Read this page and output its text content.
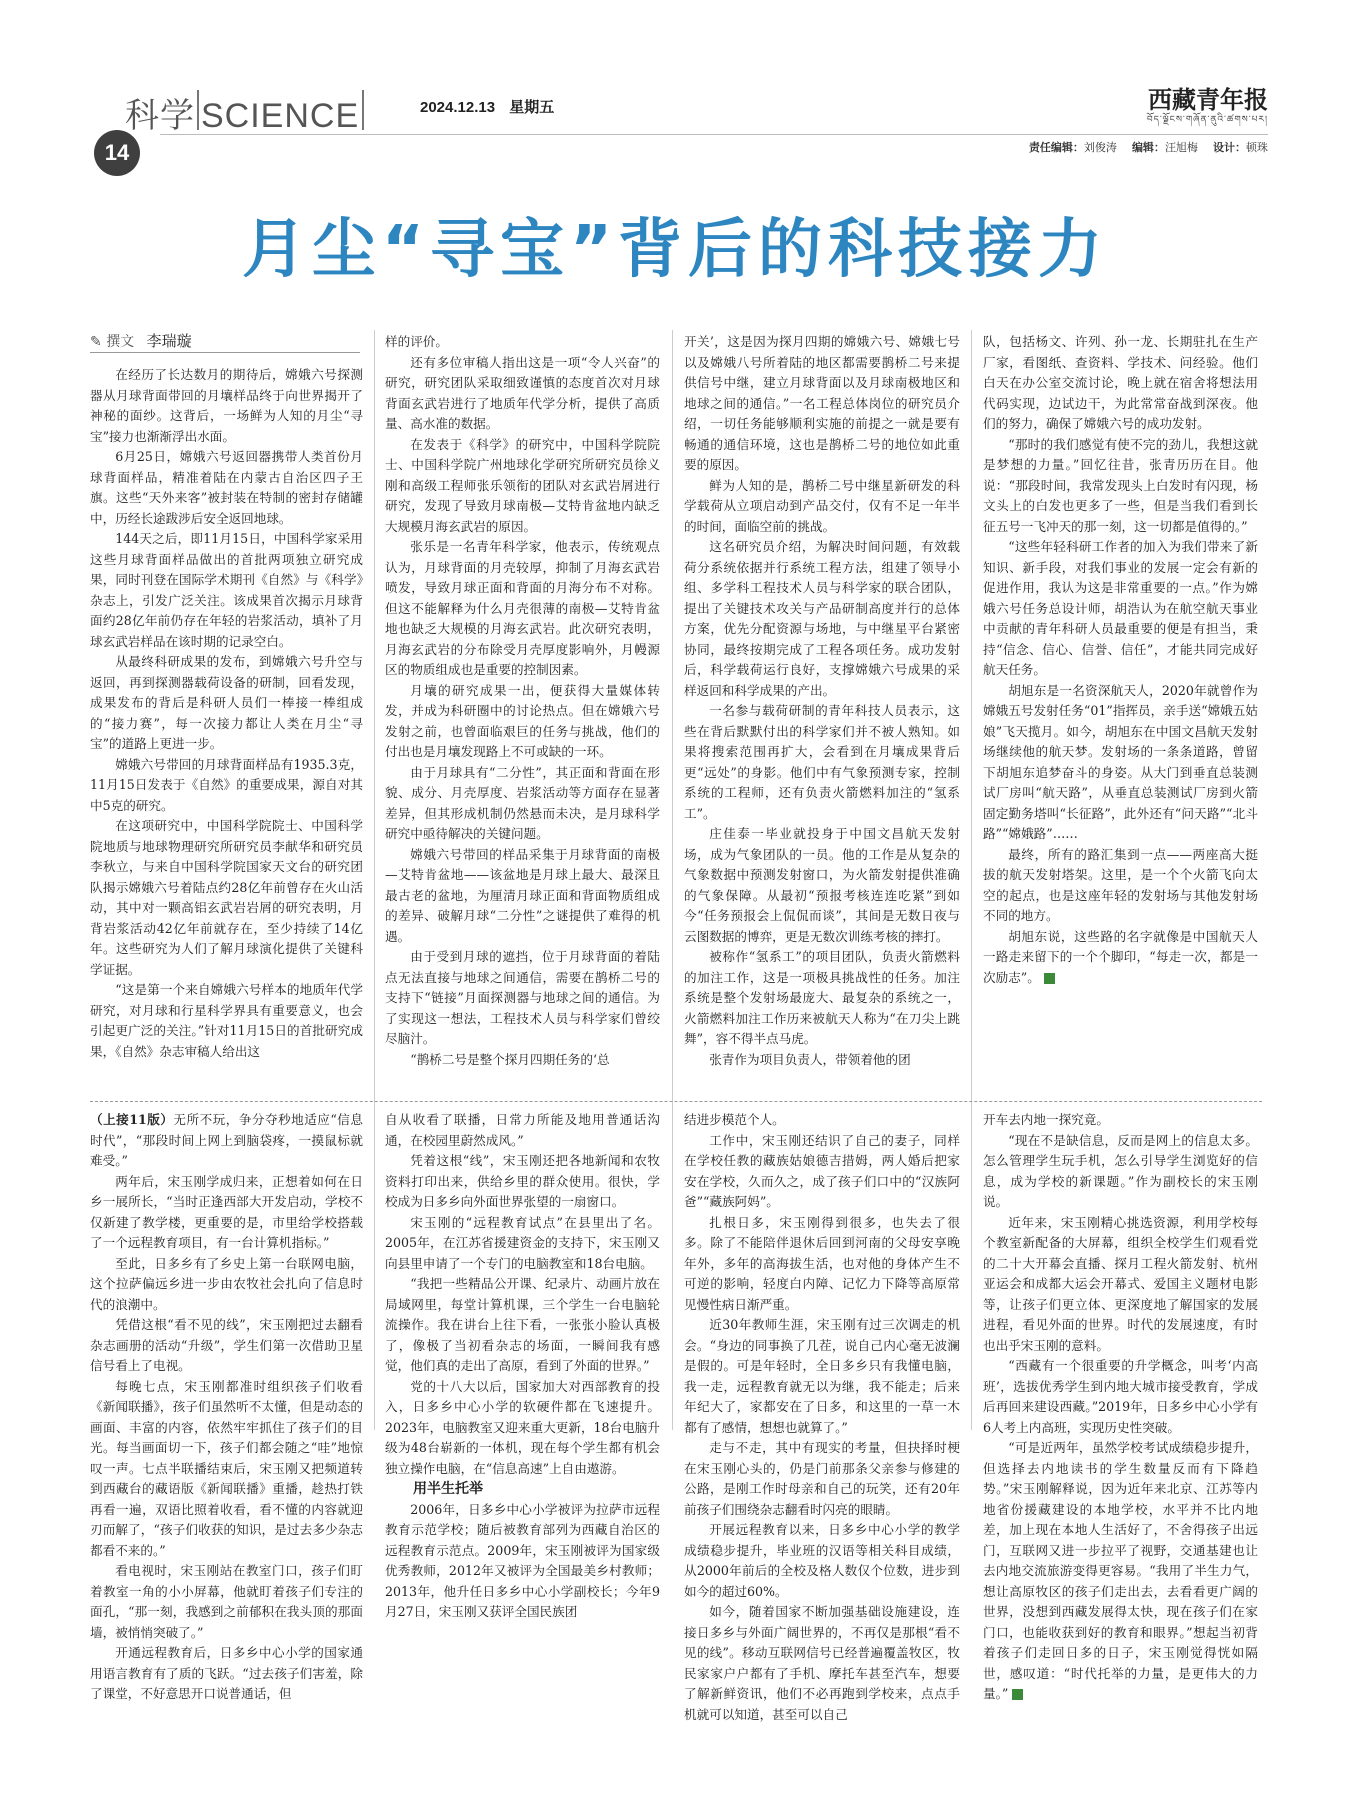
科学 SCIENCE
14
2024.12.13 星期五	西藏青年报
བོད་ལྗོངས་གཞོན་ནུའི་ཚགས་པར།
责任编辑：刘俊涛 编辑：汪旭梅 设计：顿珠
月尘“寻宝”背后的科技接力
✎ 撰文 李瑞璇

在经历了长达数月的期待后，嫦娥六号探测器从月球背面带回的月壤样品终于向世界揭开了神秘的面纱。这背后，一场鲜为人知的月尘“寻宝”接力也渐渐浮出水面。

6月25日，嫦娥六号返回器携带人类首份月球背面样品，精准着陆在内蒙古自治区四子王旗。这些“天外来客”被封装在特制的密封存储罐中，历经长途跋涉后安全返回地球。

144天之后，即11月15日，中国科学家采用这些月球背面样品做出的首批两项独立研究成果，同时刊登在国际学术期刊《自然》与《科学》杂志上，引发广泛关注。该成果首次揭示月球背面约28亿年前仍存在年轻的岩浆活动，填补了月球玄武岩样品在该时期的记录空白。

从最终科研成果的发布，到嫦娥六号升空与返回，再到探测器载荷设备的研制，回看发现，成果发布的背后是科研人员们一棒接一棒组成的“接力赛”，每一次接力都让人类在月尘“寻宝”的道路上更进一步。

嫦娥六号带回的月球背面样品有1935.3克，11月15日发表于《自然》的重要成果，源自对其中5克的研究。

在这项研究中，中国科学院院士、中国科学院地质与地球物理研究所研究员李献华和研究员李秋立，与来自中国科学院国家天文台的研究团队揭示嫦娥六号着陆点约28亿年前曾存在火山活动，其中对一颗高铝玄武岩岩屑的研究表明，月背岩浆活动42亿年前就存在，至少持续了14亿年。这些研究为人们了解月球演化提供了关键科学证据。

“这是第一个来自嫦娥六号样本的地质年代学研究，对月球和行星科学界具有重要意义，也会引起更广泛的关注。”针对11月15日的首批研究成果，《自然》杂志审稿人给出这

样的评价。

还有多位审稿人指出这是一项“令人兴奋”的研究，研究团队采取细致谨慎的态度首次对月球背面玄武岩进行了地质年代学分析，提供了高质量、高水准的数据。

在发表于《科学》的研究中，中国科学院院士、中国科学院广州地球化学研究所研究员徐义刚和高级工程师张乐领衔的团队对玄武岩屑进行研究，发现了导致月球南极—艾特肯盆地内缺乏大规模月海玄武岩的原因。

张乐是一名青年科学家，他表示，传统观点认为，月球背面的月壳较厚，抑制了月海玄武岩喷发，导致月球正面和背面的月海分布不对称。但这不能解释为什么月壳很薄的南极—艾特肯盆地也缺乏大规模的月海玄武岩。此次研究表明，月海玄武岩的分布除受月壳厚度影响外，月幔源区的物质组成也是重要的控制因素。

月壤的研究成果一出，便获得大量媒体转发，并成为科研圈中的讨论热点。但在嫦娥六号发射之前，也曾面临艰巨的任务与挑战，他们的付出也是月壤发现路上不可或缺的一环。

由于月球具有“二分性”，其正面和背面在形貌、成分、月壳厚度、岩浆活动等方面存在显著差异，但其形成机制仍然悬而未决，是月球科学研究中亟待解决的关键问题。

嫦娥六号带回的样品采集于月球背面的南极—艾特肯盆地——该盆地是月球上最大、最深且最古老的盆地，为厘清月球正面和背面物质组成的差异、破解月球“二分性”之谜提供了难得的机遇。

由于受到月球的遮挡，位于月球背面的着陆点无法直接与地球之间通信，需要在鹊桥二号的支持下“链接”月面探测器与地球之间的通信。为了实现这一想法，工程技术人员与科学家们曾绞尽脑汁。

“鹊桥二号是整个探月四期任务的‘总

开关’，这是因为探月四期的嫦娥六号、嫦娥七号以及嫦娥八号所着陆的地区都需要鹊桥二号来提供信号中继，建立月球背面以及月球南极地区和地球之间的通信。”一名工程总体岗位的研究员介绍，一切任务能够顺利实施的前提之一就是要有畅通的通信环境，这也是鹊桥二号的地位如此重要的原因。

鲜为人知的是，鹊桥二号中继星新研发的科学载荷从立项启动到产品交付，仅有不足一年半的时间，面临空前的挑战。

这名研究员介绍，为解决时间问题，有效载荷分系统依据并行系统工程方法，组建了领导小组、多学科工程技术人员与科学家的联合团队，提出了关键技术攻关与产品研制高度并行的总体方案，优先分配资源与场地，与中继星平台紧密协同，最终按期完成了工程各项任务。成功发射后，科学载荷运行良好，支撑嫦娥六号成果的采样返回和科学成果的产出。

一名参与载荷研制的青年科技人员表示，这些在背后默默付出的科学家们并不被人熟知。如果将搜索范围再扩大，会看到在月壤成果背后更“远处”的身影。他们中有气象预测专家，控制系统的工程师，还有负责火箭燃料加注的“氢系工”。

庄佳泰一毕业就投身于中国文昌航天发射场，成为气象团队的一员。他的工作是从复杂的气象数据中预测发射窗口，为火箭发射提供准确的气象保障。从最初“预报考核连连吃紧”到如今“任务预报会上侃侃而谈”，其间是无数日夜与云图数据的博弈，更是无数次训练考核的摔打。

被称作“氢系工”的项目团队，负责火箭燃料的加注工作，这是一项极具挑战性的任务。加注系统是整个发射场最庞大、最复杂的系统之一，火箭燃料加注工作历来被航天人称为“在刀尖上跳舞”，容不得半点马虎。

张青作为项目负责人，带领着他的团

队，包括杨文、许列、孙一龙、长期驻扎在生产厂家，看图纸、查资料、学技术、问经验。他们白天在办公室交流讨论，晚上就在宿舍将想法用代码实现，边试边干，为此常常奋战到深夜。他们的努力，确保了嫦娥六号的成功发射。

“那时的我们感觉有使不完的劲儿，我想这就是梦想的力量。”回忆往昔，张青历历在目。他说：“那段时间，我常发现头上白发时有闪现，杨文头上的白发也更多了一些，但是当我们看到长征五号一飞冲天的那一刻，这一切都是值得的。”

“这些年轻科研工作者的加入为我们带来了新知识、新手段，对我们事业的发展一定会有新的促进作用，我认为这是非常重要的一点。”作为嫦娥六号任务总设计师，胡浩认为在航空航天事业中贡献的青年科研人员最重要的便是有担当，秉持“信念、信心、信誉、信任”，才能共同完成好航天任务。

胡旭东是一名资深航天人，2020年就曾作为嫦娥五号发射任务“01”指挥员，亲手送“嫦娥五姑娘”飞天揽月。如今，胡旭东在中国文昌航天发射场继续他的航天梦。发射场的一条条道路，曾留下胡旭东追梦奋斗的身姿。从大门到垂直总装测试厂房叫“航天路”，从垂直总装测试厂房到火箭固定勤务塔叫“长征路”，此外还有“问天路”“北斗路”“嫦娥路”……

最终，所有的路汇集到一点——两座高大挺拔的航天发射塔架。这里，是一个个火箭飞向太空的起点，也是这座年轻的发射场与其他发射场不同的地方。

胡旭东说，这些路的名字就像是中国航天人一路走来留下的一个个脚印，“每走一次，都是一次励志”。

（上接11版）无所不玩，争分夺秒地适应“信息时代”，“那段时间上网上到脑袋疼，一摸鼠标就难受。”

两年后，宋玉刚学成归来，正想着如何在日乡一展所长，“当时正逢西部大开发启动，学校不仅新建了教学楼，更重要的是，市里给学校搭载了一个远程教育项目，有一台计算机指标。”

至此，日多乡有了乡史上第一台联网电脑，这个拉萨偏远乡进一步由农牧社会扎向了信息时代的浪潮中。

凭借这根“看不见的线”，宋玉刚把过去翻看杂志画册的活动“升级”，学生们第一次借助卫星信号看上了电视。

每晚七点，宋玉刚都准时组织孩子们收看《新闻联播》，孩子们虽然听不太懂，但是动态的画面、丰富的内容，依然牢牢抓住了孩子们的目光。每当画面切一下，孩子们都会随之“哇”地惊叹一声。七点半联播结束后，宋玉刚又把频道转到西藏台的藏语版《新闻联播》重播，趁热打铁再看一遍，双语比照着收看，看不懂的内容就迎刃而解了，“孩子们收获的知识，是过去多少杂志都看不来的。”

看电视时，宋玉刚站在教室门口，孩子们盯着教室一角的小小屏幕，他就盯着孩子们专注的面孔，“那一刻，我感到之前郁积在我头顶的那面墙，被悄悄突破了。”

开通远程教育后，日多乡中心小学的国家通用语言教育有了质的飞跃。“过去孩子们害羞，除了课堂，不好意思开口说普通话，但

自从收看了联播，日常力所能及地用普通话沟通，在校园里蔚然成风。”

凭着这根“线”，宋玉刚还把各地新闻和农牧资料打印出来，供给乡里的群众使用。很快，学校成为日多乡向外面世界张望的一扇窗口。

宋玉刚的“远程教育试点”在县里出了名。2005年，在江苏省援建资金的支持下，宋玉刚又向县里申请了一个专门的电脑教室和18台电脑。

“我把一些精品公开课、纪录片、动画片放在局域网里，每堂计算机课，三个学生一台电脑轮流操作。我在讲台上往下看，一张张小脸认真极了，像极了当初看杂志的场面，一瞬间我有感觉，他们真的走出了高原，看到了外面的世界。”

党的十八大以后，国家加大对西部教育的投入，日多乡中心小学的软硬件都在飞速提升。2023年，电脑教室又迎来重大更新，18台电脑升级为48台崭新的一体机，现在每个学生都有机会独立操作电脑，在“信息高速”上自由遨游。

用半生托举

2006年，日多乡中心小学被评为拉萨市远程教育示范学校；随后被教育部列为西藏自治区的远程教育示范点。2009年，宋玉刚被评为国家级优秀教师，2012年又被评为全国最美乡村教师；2013年，他升任日多乡中心小学副校长；今年9月27日，宋玉刚又获评全国民族团

结进步模范个人。

工作中，宋玉刚还结识了自己的妻子，同样在学校任教的藏族姑娘德吉措姆，两人婚后把家安在学校，久而久之，成了孩子们口中的“汉族阿爸”“藏族阿妈”。

扎根日多，宋玉刚得到很多，也失去了很多。除了不能陪伴退休后回到河南的父母安享晚年外，多年的高海拔生活，也对他的身体产生不可逆的影响，轻度白内障、记忆力下降等高原常见慢性病日渐严重。

近30年教师生涯，宋玉刚有过三次调走的机会。“身边的同事换了几茬，说自己内心毫无波澜是假的。可是年轻时，全日多乡只有我懂电脑，我一走，远程教育就无以为继，我不能走；后来年纪大了，家都安在了日多，和这里的一草一木都有了感情，想想也就算了。”

走与不走，其中有现实的考量，但抉择时梗在宋玉刚心头的，仍是门前那条父亲参与修建的公路，是刚工作时母亲和自己的玩笑，还有20年前孩子们围绕杂志翻看时闪亮的眼睛。

开展远程教育以来，日多乡中心小学的教学成绩稳步提升，毕业班的汉语等相关科目成绩，从2000年前后的全校及格人数仅个位数，进步到如今的超过60%。

如今，随着国家不断加强基础设施建设，连接日多乡与外面广阔世界的，不再仅是那根“看不见的线”。移动互联网信号已经普遍覆盖牧区，牧民家家户户都有了手机、摩托车甚至汽车，想要了解新鲜资讯，他们不必再跑到学校来，点点手机就可以知道，甚至可以自己

开车去内地一探究竟。

“现在不是缺信息，反而是网上的信息太多。怎么管理学生玩手机，怎么引导学生浏览好的信息，成为学校的新课题。”作为副校长的宋玉刚说。

近年来，宋玉刚精心挑选资源，利用学校每个教室新配备的大屏幕，组织全校学生们观看党的二十大开幕会直播、探月工程火箭发射、杭州亚运会和成都大运会开幕式、爱国主义题材电影等，让孩子们更立体、更深度地了解国家的发展进程，看见外面的世界。时代的发展速度，有时也出乎宋玉刚的意料。

“西藏有一个很重要的升学概念，叫考‘内高班’，选拔优秀学生到内地大城市接受教育，学成后再回来建设西藏。”2019年，日多乡中心小学有6人考上内高班，实现历史性突破。

“可是近两年，虽然学校考试成绩稳步提升，但选择去内地读书的学生数量反而有下降趋势。”宋玉刚解释说，因为近年来北京、江苏等内地省份援藏建设的本地学校，水平并不比内地差，加上现在本地人生活好了，不舍得孩子出远门，互联网又进一步拉平了视野，交通基建也让去内地交流旅游变得更容易。“我用了半生力气，想让高原牧区的孩子们走出去，去看看更广阔的世界，没想到西藏发展得太快，现在孩子们在家门口，也能收获到好的教育和眼界。”想起当初背着孩子们走回日多的日子，宋玉刚觉得恍如隔世，感叹道：“时代托举的力量，是更伟大的力量。”
